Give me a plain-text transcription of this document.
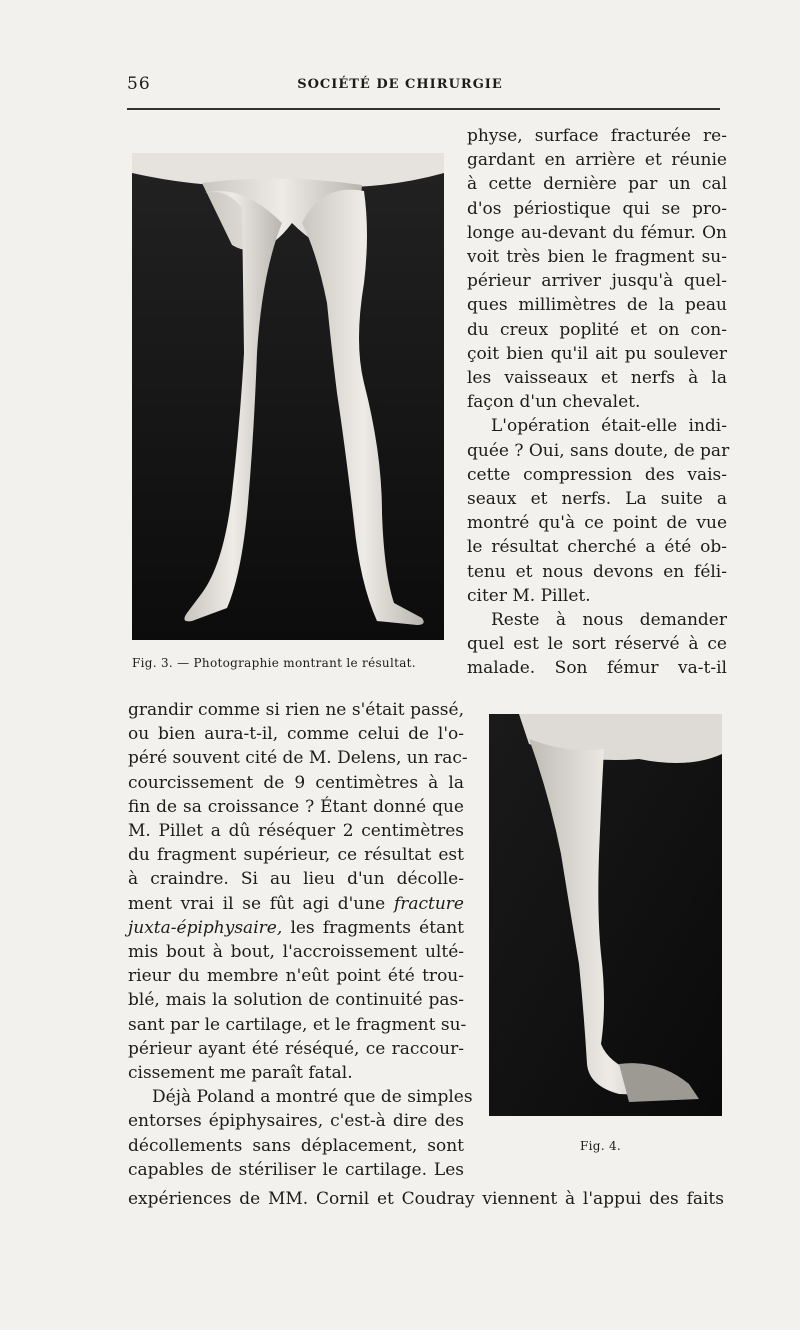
56	SOCIÉTÉ DE CHIRURGIE
Fig. 3. — Photographie montrant le résultat.
physe, surface fracturée re-
gardant en arrière et réunie
à cette dernière par un cal
d'os périostique qui se pro-
longe au-devant du fémur. On
voit très bien le fragment su-
périeur arriver jusqu'à quel-
ques millimètres de la peau
du creux poplité et on con-
çoit bien qu'il ait pu soulever
les vaisseaux et nerfs à la
façon d'un chevalet.
L'opération était-elle indi-
quée ? Oui, sans doute, de par
cette compression des vais-
seaux et nerfs. La suite a
montré qu'à ce point de vue
le résultat cherché a été ob-
tenu et nous devons en féli-
citer M. Pillet.
Reste à nous demander
quel est le sort réservé à ce
malade. Son fémur va-t-il
Fig. 4.
grandir comme si rien ne s'était passé,
ou bien aura-t-il, comme celui de l'o-
péré souvent cité de M. Delens, un rac-
courcissement de 9 centimètres à la
fin de sa croissance ? Étant donné que
M. Pillet a dû réséquer 2 centimètres
du fragment supérieur, ce résultat est
à craindre. Si au lieu d'un décolle-
ment vrai il se fût agi d'une fracture
juxta-épiphysaire, les fragments étant
mis bout à bout, l'accroissement ulté-
rieur du membre n'eût point été trou-
blé, mais la solution de continuité pas-
sant par le cartilage, et le fragment su-
périeur ayant été réséqué, ce raccour-
cissement me paraît fatal.
Déjà Poland a montré que de simples
entorses épiphysaires, c'est-à dire des
décollements sans déplacement, sont
capables de stériliser le cartilage. Les
expériences de MM. Cornil et Coudray viennent à l'appui des faits
